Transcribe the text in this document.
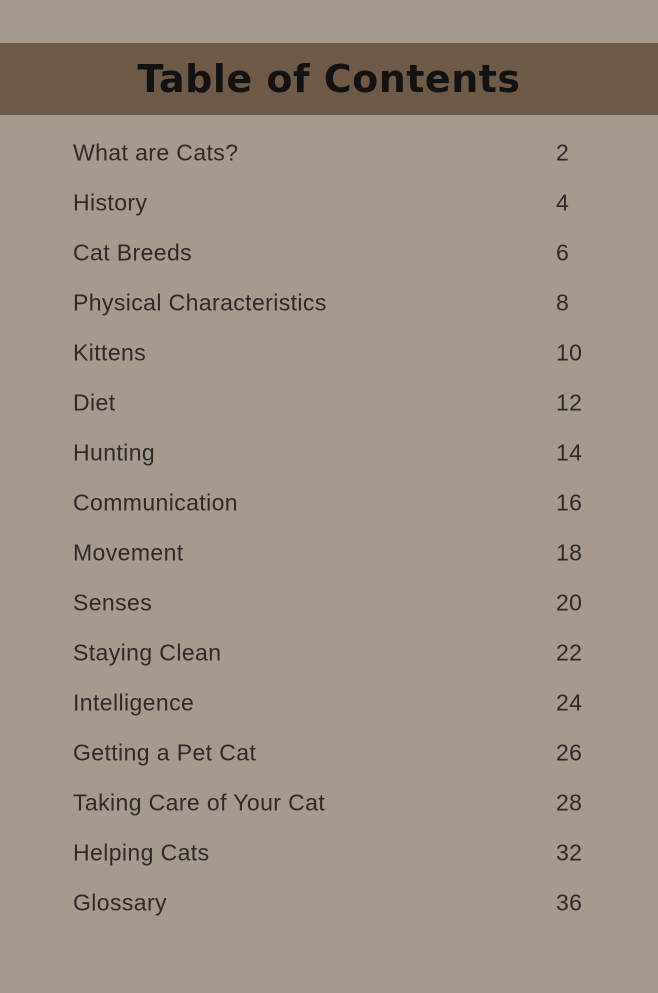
Table of Contents
What are Cats?	2
History	4
Cat Breeds	6
Physical Characteristics	8
Kittens	10
Diet	12
Hunting	14
Communication	16
Movement	18
Senses	20
Staying Clean	22
Intelligence	24
Getting a Pet Cat	26
Taking Care of Your Cat	28
Helping Cats	32
Glossary	36
